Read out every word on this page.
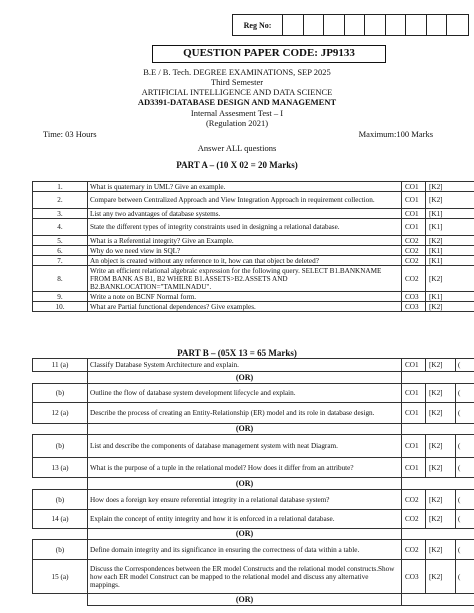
Reg No:
QUESTION PAPER CODE: JP9133
B.E / B. Tech. DEGREE EXAMINATIONS, SEP 2025
Third Semester
ARTIFICIAL INTELLIGENCE AND DATA SCIENCE
AD3391-DATABASE DESIGN AND MANAGEMENT
Internal Assesment Test – I
(Regulation 2021)
Time: 03 Hours	Maximum:100 Marks
Answer ALL questions
PART A – (10 X 02 = 20 Marks)
1.	What is quaternary in UML? Give an example.	CO1	[K2]
2.	Compare between Centralized Approach and View Integration Approach in requirement collection.	CO1	[K2]
3.	List any two advantages of database systems.	CO1	[K1]
4.	State the different types of integrity constraints used in designing a relational database.	CO1	[K1]
5.	What is a Referential integrity? Give an Example.	CO2	[K2]
6.	Why do we need view in SQL?	CO2	[K1]
7.	An object is created without any reference to it, how can that object be deleted?	CO2	[K1]
8.	Write an efficient relational algebraic expression for the following query. SELECT B1.BANKNAME FROM BANK AS B1, B2 WHERE B1.ASSETS>B2.ASSETS AND B2.BANKLOCATION="TAMILNADU".	CO2	[K2]
9.	Write a note on BCNF Normal form.	CO3	[K1]
10.	What are Partial functional dependences? Give examples.	CO3	[K2]
PART B – (05X 13 = 65 Marks)
11 (a)	Classify Database System Architecture and explain.	CO1	[K2]	(
	(OR)			
(b)	Outline the flow of database system development lifecycle and explain.	CO1	[K2]	(
12 (a)	Describe the process of creating an Entity-Relationship (ER) model and its role in database design.	CO1	[K2]	(
	(OR)			
(b)	List and describe the components of database management system with neat Diagram.	CO1	[K2]	(
13 (a)	What is the purpose of a tuple in the relational model? How does it differ from an attribute?	CO1	[K2]	(
	(OR)			
(b)	How does a foreign key ensure referential integrity in a relational database system?	CO2	[K2]	(
14 (a)	Explain the concept of entity integrity and how it is enforced in a relational database.	CO2	[K2]	(
	(OR)			
(b)	Define domain integrity and its significance in ensuring the correctness of data within a table.	CO2	[K2]	(
15 (a)	Discuss the Correspondences between the ER model Constructs and the relational model constructs.Show how each ER model Construct can be mapped to the relational model and discuss any alternative mappings.	CO3	[K2]	(
	(OR)			
